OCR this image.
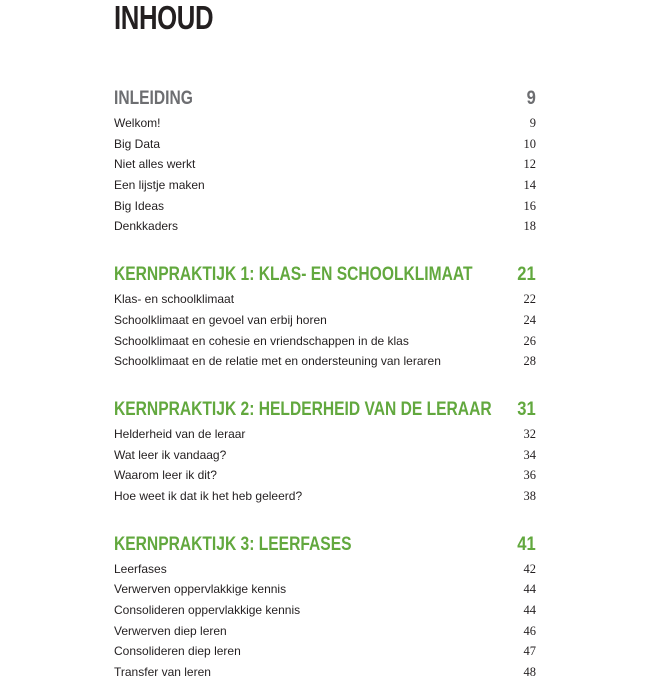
INHOUD
INLEIDING	9
Welkom!	9
Big Data	10
Niet alles werkt	12
Een lijstje maken	14
Big Ideas	16
Denkkaders	18
KERNPRAKTIJK 1: KLAS- EN SCHOOLKLIMAAT 21
Klas- en schoolklimaat	22
Schoolklimaat en gevoel van erbij horen	24
Schoolklimaat en cohesie en vriendschappen in de klas	26
Schoolklimaat en de relatie met en ondersteuning van leraren	28
KERNPRAKTIJK 2: HELDERHEID VAN DE LERAAR 31
Helderheid van de leraar	32
Wat leer ik vandaag?	34
Waarom leer ik dit?	36
Hoe weet ik dat ik het heb geleerd?	38
KERNPRAKTIJK 3: LEERFASES	41
Leerfases	42
Verwerven oppervlakkige kennis	44
Consolideren oppervlakkige kennis	44
Verwerven diep leren	46
Consolideren diep leren	47
Transfer van leren	48
